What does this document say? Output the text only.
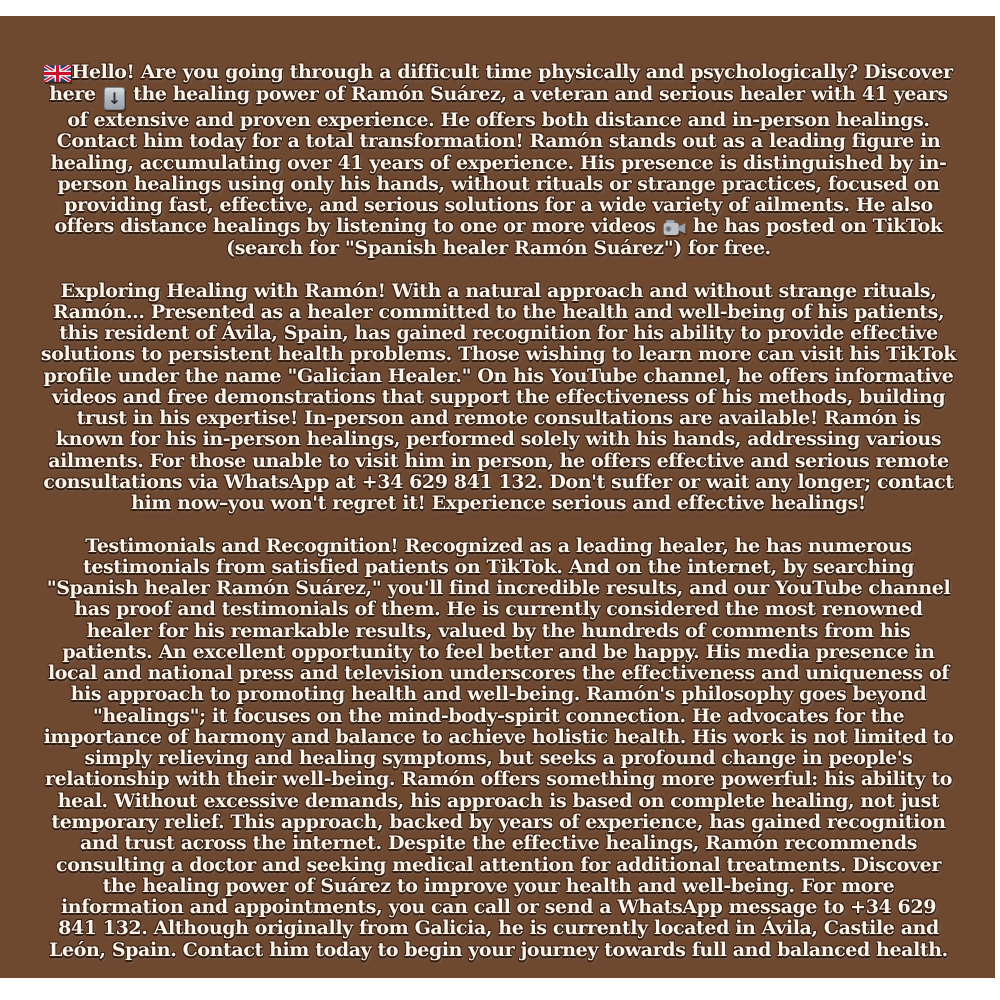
Hello! Are you going through a difficult time physically and psychologically? Discover here ↓ the healing power of Ramón Suárez, a veteran and serious healer with 41 years of extensive and proven experience. He offers both distance and in-person healings. Contact him today for a total transformation! Ramón stands out as a leading figure in healing, accumulating over 41 years of experience. His presence is distinguished by in-person healings using only his hands, without rituals or strange practices, focused on providing fast, effective, and serious solutions for a wide variety of ailments. He also offers distance healings by listening to one or more videos  he has posted on TikTok (search for "Spanish healer Ramón Suárez") for free.

Exploring Healing with Ramón! With a natural approach and without strange rituals, Ramón... Presented as a healer committed to the health and well-being of his patients, this resident of Ávila, Spain, has gained recognition for his ability to provide effective solutions to persistent health problems. Those wishing to learn more can visit his TikTok profile under the name "Galician Healer." On his YouTube channel, he offers informative videos and free demonstrations that support the effectiveness of his methods, building trust in his expertise! In-person and remote consultations are available! Ramón is known for his in-person healings, performed solely with his hands, addressing various ailments. For those unable to visit him in person, he offers effective and serious remote consultations via WhatsApp at +34 629 841 132. Don't suffer or wait any longer; contact him now–you won't regret it! Experience serious and effective healings!

Testimonials and Recognition! Recognized as a leading healer, he has numerous testimonials from satisfied patients on TikTok. And on the internet, by searching "Spanish healer Ramón Suárez," you'll find incredible results, and our YouTube channel has proof and testimonials of them. He is currently considered the most renowned healer for his remarkable results, valued by the hundreds of comments from his patients. An excellent opportunity to feel better and be happy. His media presence in local and national press and television underscores the effectiveness and uniqueness of his approach to promoting health and well-being. Ramón's philosophy goes beyond "healings"; it focuses on the mind-body-spirit connection. He advocates for the importance of harmony and balance to achieve holistic health. His work is not limited to simply relieving and healing symptoms, but seeks a profound change in people's relationship with their well-being. Ramón offers something more powerful: his ability to heal. Without excessive demands, his approach is based on complete healing, not just temporary relief. This approach, backed by years of experience, has gained recognition and trust across the internet. Despite the effective healings, Ramón recommends consulting a doctor and seeking medical attention for additional treatments. Discover the healing power of Suárez to improve your health and well-being. For more information and appointments, you can call or send a WhatsApp message to +34 629 841 132. Although originally from Galicia, he is currently located in Ávila, Castile and León, Spain. Contact him today to begin your journey towards full and balanced health.
